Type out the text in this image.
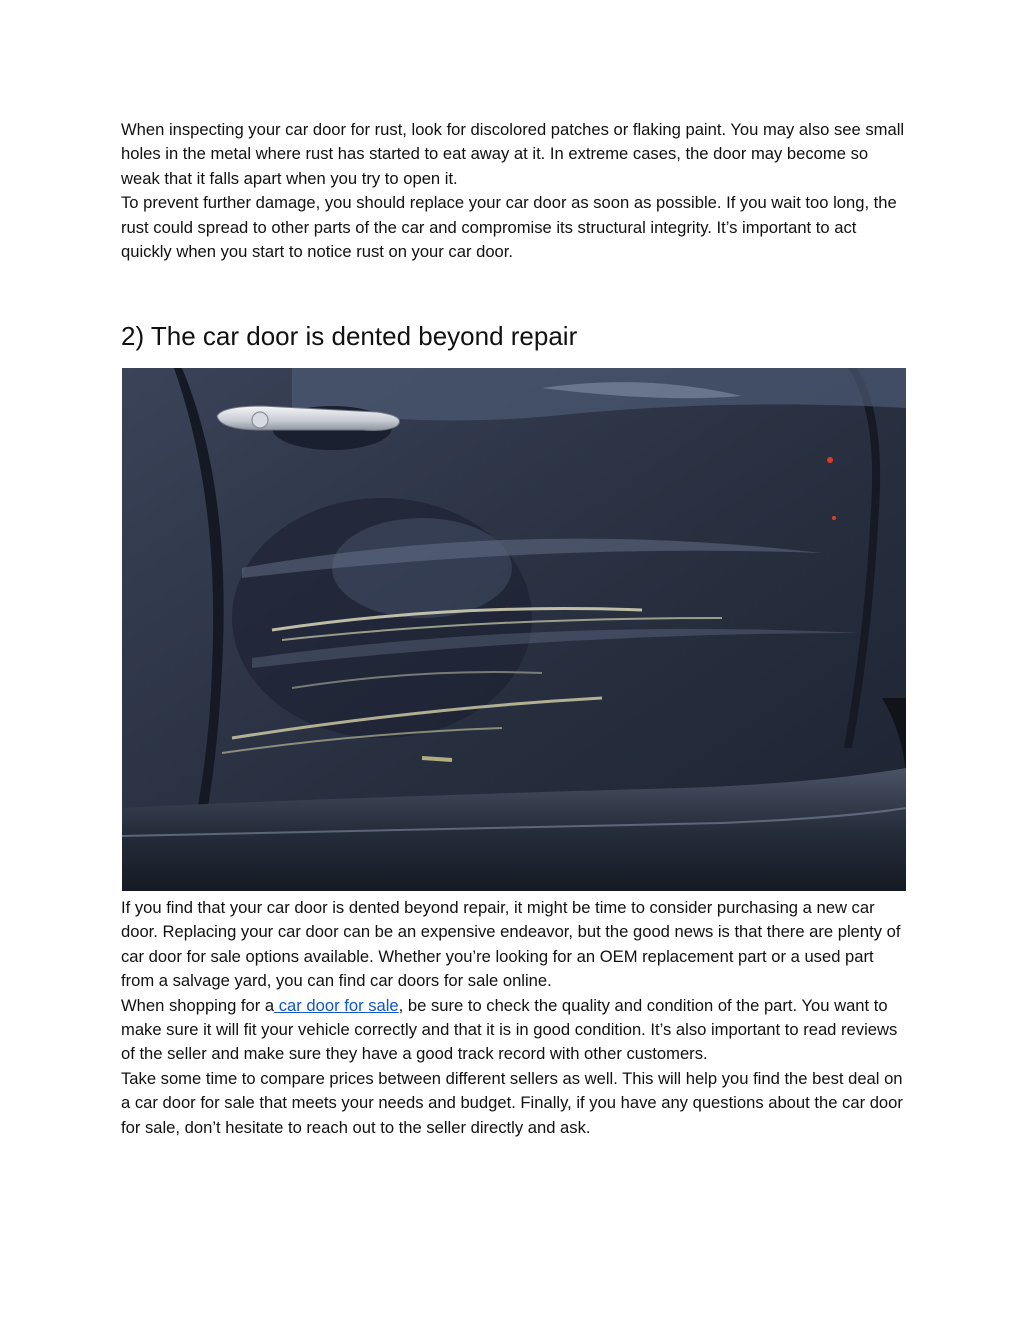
When inspecting your car door for rust, look for discolored patches or flaking paint. You may also see small holes in the metal where rust has started to eat away at it. In extreme cases, the door may become so weak that it falls apart when you try to open it.

To prevent further damage, you should replace your car door as soon as possible. If you wait too long, the rust could spread to other parts of the car and compromise its structural integrity. It’s important to act quickly when you start to notice rust on your car door.

2) The car door is dented beyond repair

If you find that your car door is dented beyond repair, it might be time to consider purchasing a new car door. Replacing your car door can be an expensive endeavor, but the good news is that there are plenty of car door for sale options available. Whether you’re looking for an OEM replacement part or a used part from a salvage yard, you can find car doors for sale online.

When shopping for a car door for sale, be sure to check the quality and condition of the part. You want to make sure it will fit your vehicle correctly and that it is in good condition. It’s also important to read reviews of the seller and make sure they have a good track record with other customers.

Take some time to compare prices between different sellers as well. This will help you find the best deal on a car door for sale that meets your needs and budget. Finally, if you have any questions about the car door for sale, don’t hesitate to reach out to the seller directly and ask.
